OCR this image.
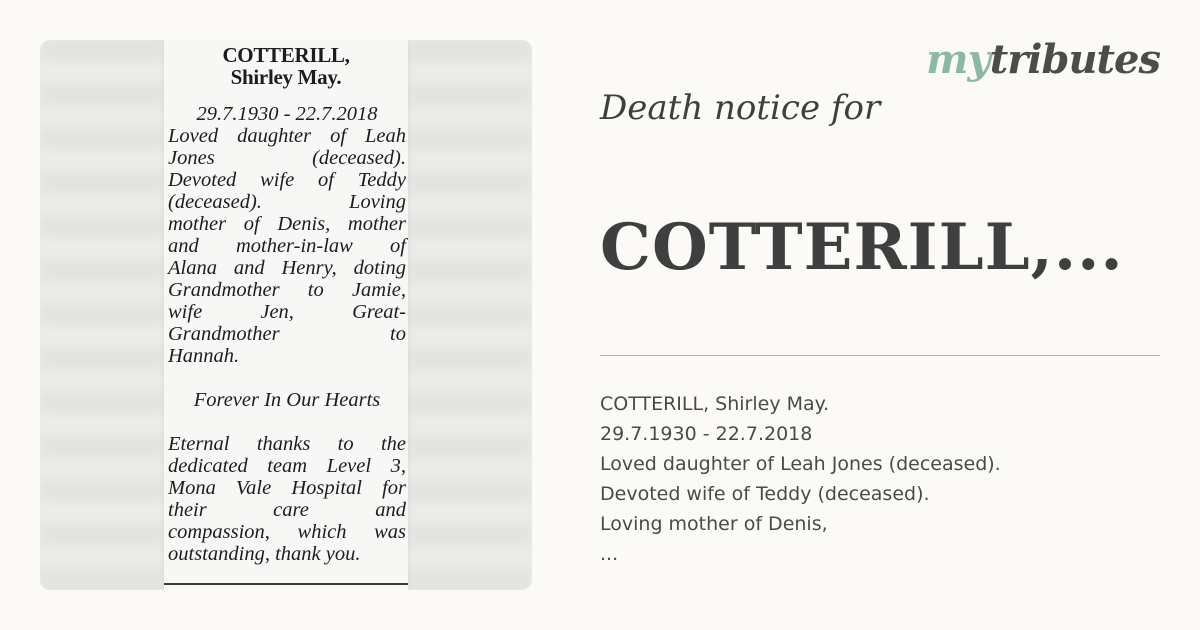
COTTERILL,
Shirley May.
29.7.1930 - 22.7.2018
Loved daughter of Leah
Jones (deceased).
Devoted wife of Teddy
(deceased). Loving
mother of Denis, mother
and mother-in-law of
Alana and Henry, doting
Grandmother to Jamie,
wife Jen, Great-
Grandmother to
Hannah.
Forever In Our Hearts
Eternal thanks to the
dedicated team Level 3,
Mona Vale Hospital for
their care and
compassion, which was
outstanding, thank you.
mytributes
Death notice for
COTTERILL,...
COTTERILL, Shirley May.
29.7.1930 - 22.7.2018
Loved daughter of Leah Jones (deceased).
Devoted wife of Teddy (deceased).
Loving mother of Denis,
...
